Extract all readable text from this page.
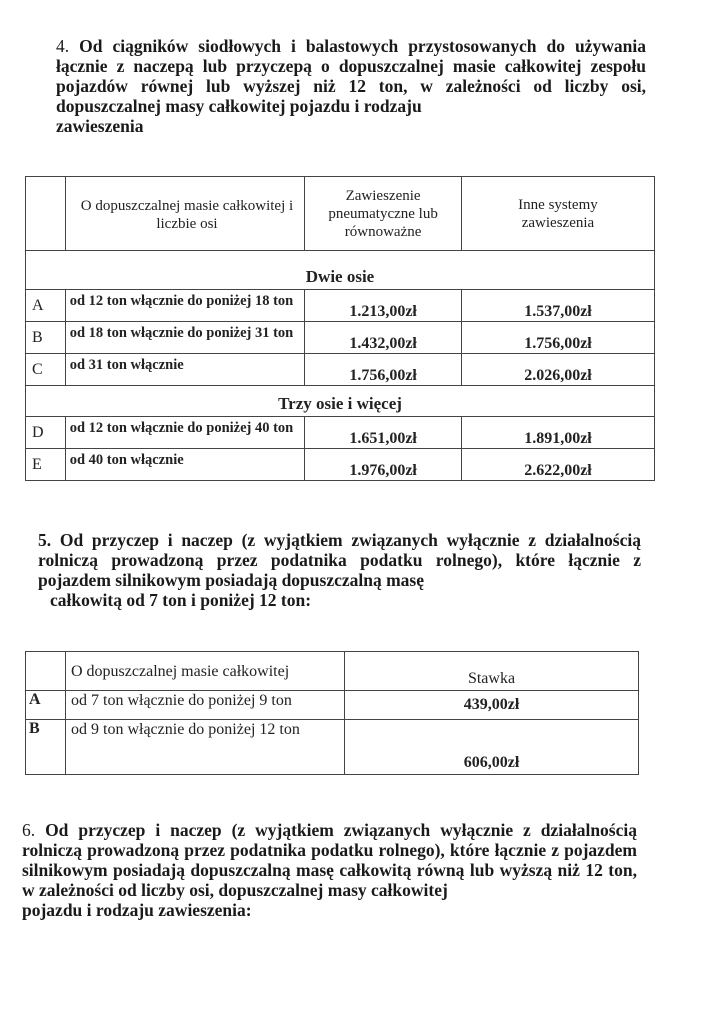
4. Od ciągników siodłowych i balastowych przystosowanych do używania łącznie z naczepą lub przyczepą o dopuszczalnej masie całkowitej zespołu pojazdów równej lub wyższej niż 12 ton, w zależności od liczby osi, dopuszczalnej masy całkowitej pojazdu i rodzaju
zawieszenia
	O dopuszczalnej masie całkowitej i liczbie osi	Zawieszenie pneumatyczne lub równoważne	Inne systemy zawieszenia
Dwie osie			
A	od 12 ton włącznie do poniżej 18 ton	1.213,00zł	1.537,00zł
B	od 18 ton włącznie do poniżej 31 ton	1.432,00zł	1.756,00zł
C	od 31 ton włącznie	1.756,00zł	2.026,00zł
Trzy osie i więcej			
D	od 12 ton włącznie do poniżej 40 ton	1.651,00zł	1.891,00zł
E	od 40 ton włącznie	1.976,00zł	2.622,00zł
5. Od przyczep i naczep (z wyjątkiem związanych wyłącznie z działalnością rolniczą prowadzoną przez podatnika podatku rolnego), które łącznie z pojazdem silnikowym posiadają dopuszczalną masę
całkowitą od 7 ton i poniżej 12 ton:
	O dopuszczalnej masie całkowitej	Stawka
A	od 7 ton włącznie do poniżej 9 ton	439,00zł
B	od 9 ton włącznie do poniżej 12 ton	606,00zł
6. Od przyczep i naczep (z wyjątkiem związanych wyłącznie z działalnością rolniczą prowadzoną przez podatnika podatku rolnego), które łącznie z pojazdem silnikowym posiadają dopuszczalną masę całkowitą równą lub wyższą niż 12 ton, w zależności od liczby osi, dopuszczalnej masy całkowitej
pojazdu i rodzaju zawieszenia:
